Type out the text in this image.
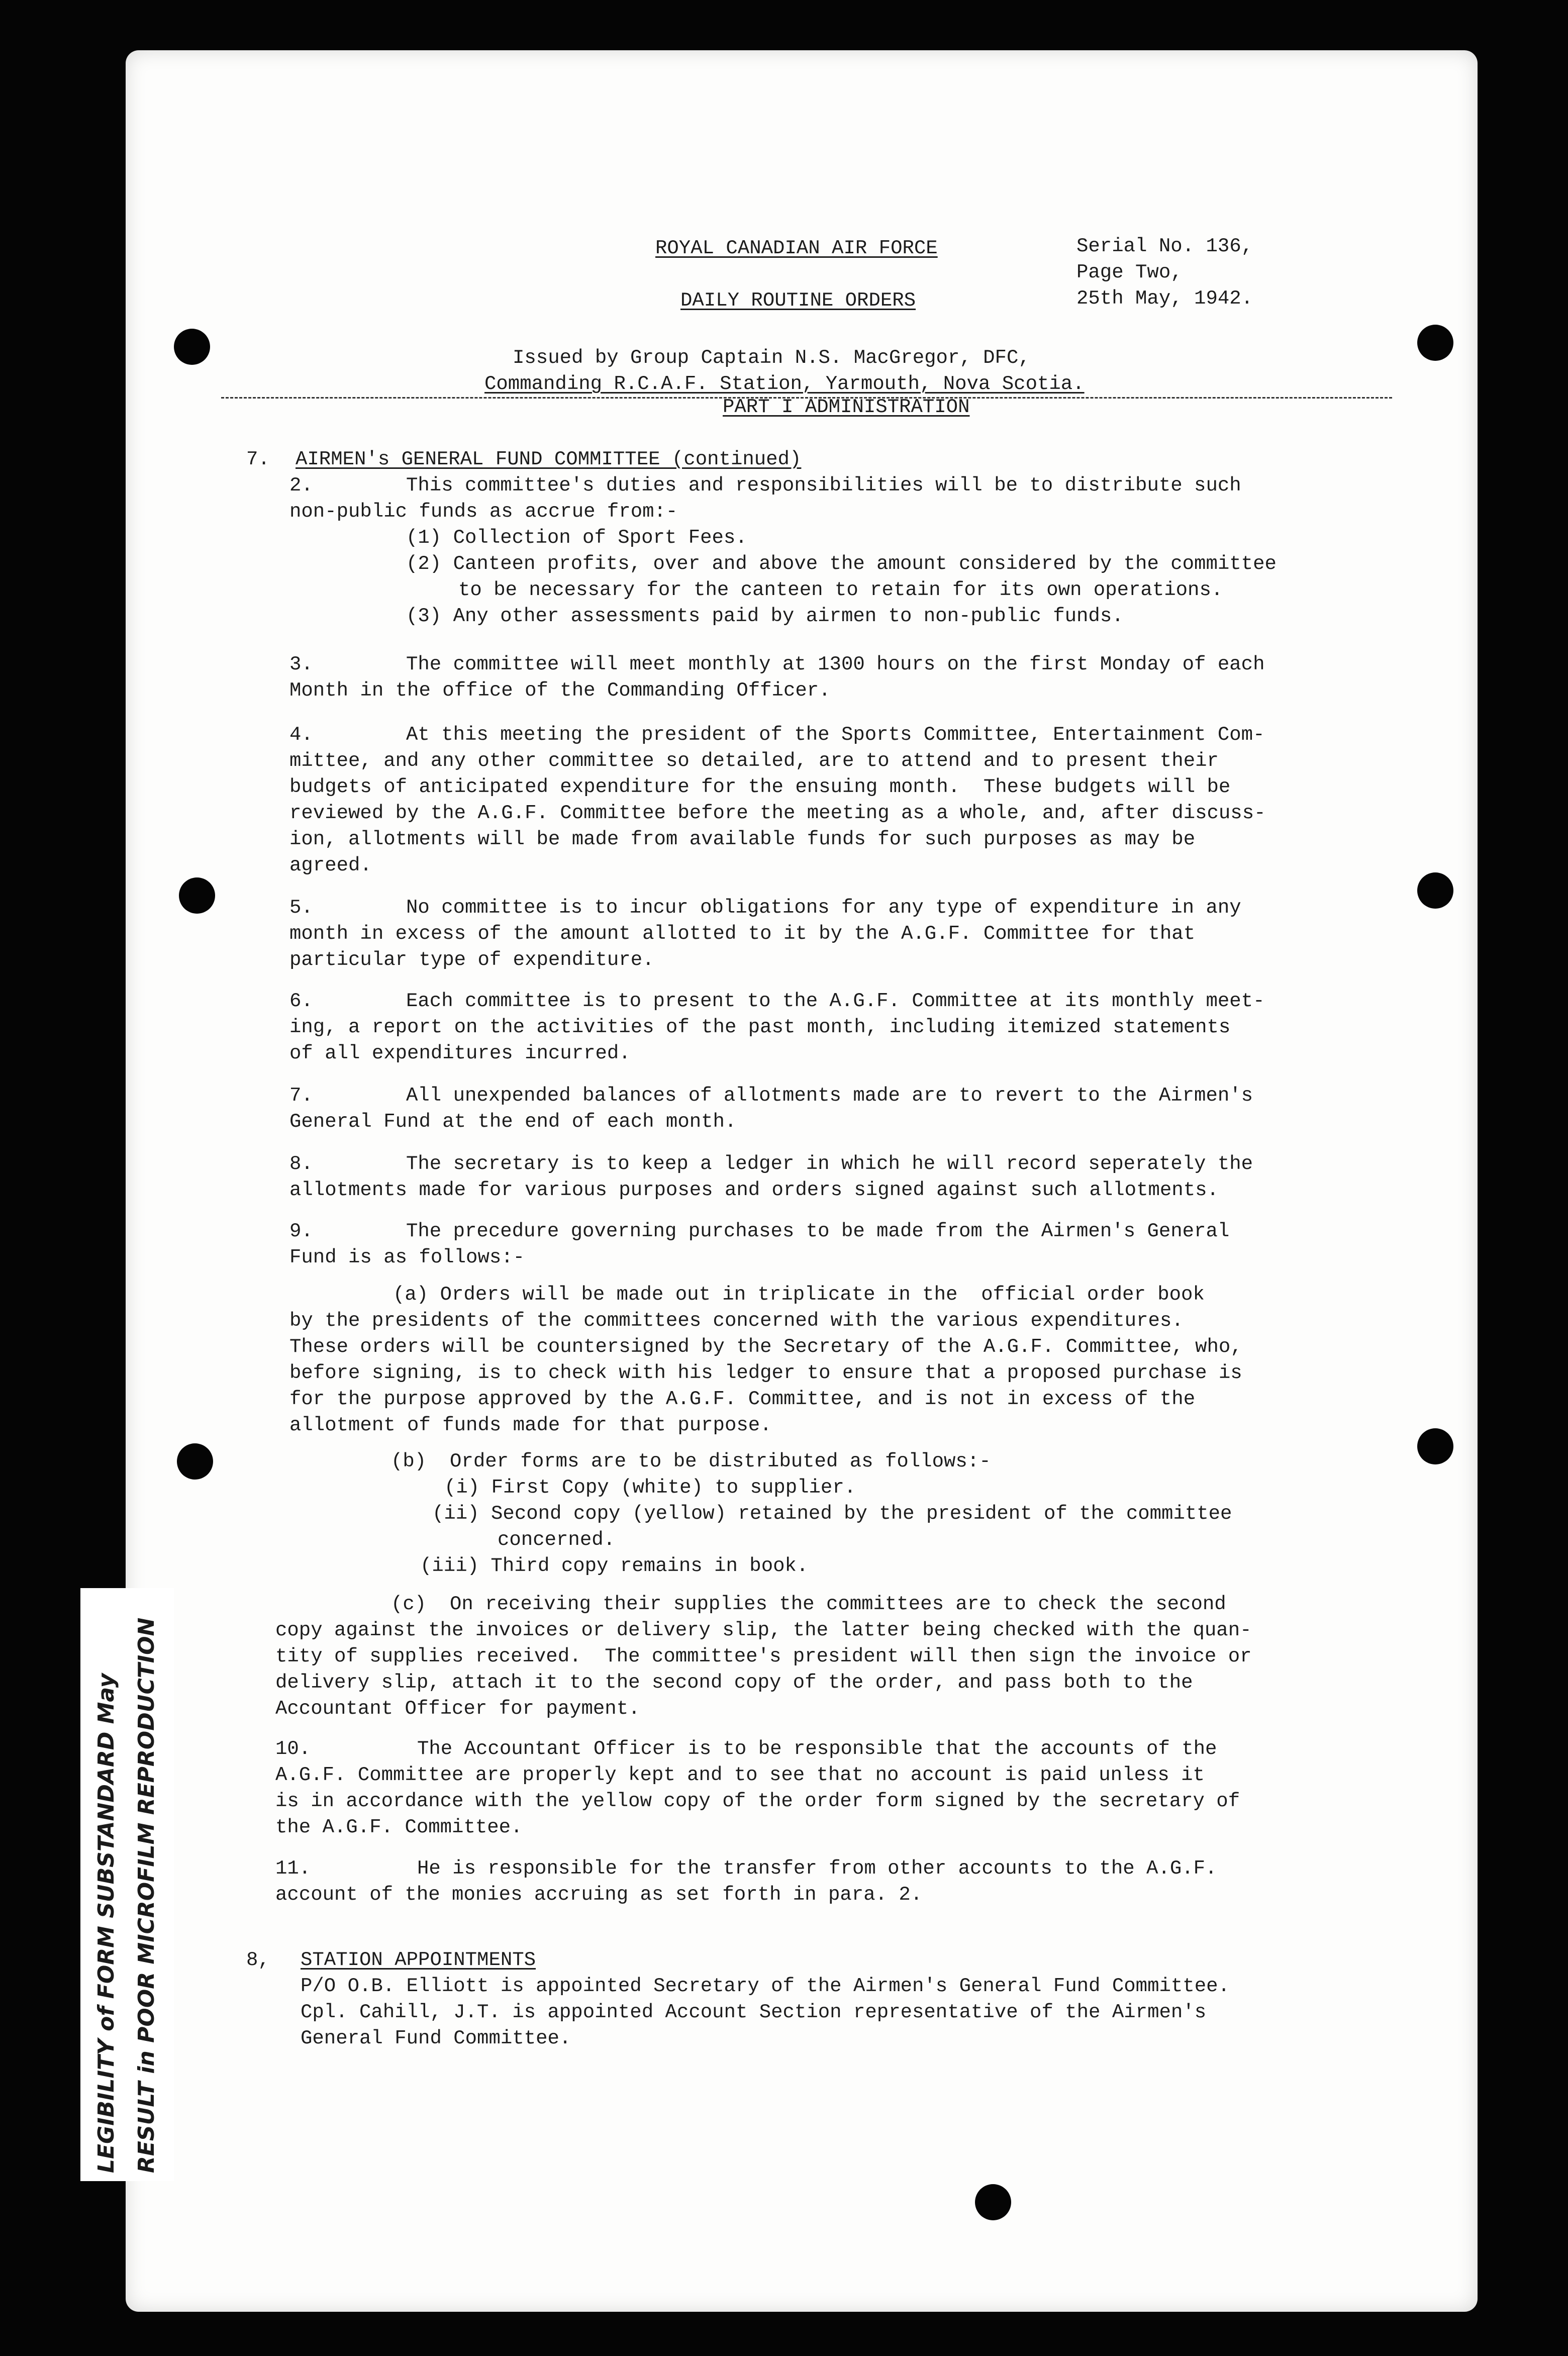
ROYAL CANADIAN AIR FORCE
DAILY ROUTINE ORDERS
Serial No. 136,
Page Two,
25th May, 1942.
Issued by Group Captain N.S. MacGregor, DFC,
Commanding R.C.A.F. Station, Yarmouth, Nova Scotia.
PART I ADMINISTRATION
7. AIRMEN's GENERAL FUND COMMITTEE (continued)
2.	This committee's duties and responsibilities will be to distribute such
non-public funds as accrue from:-
(1) Collection of Sport Fees.
(2) Canteen profits, over and above the amount considered by the committee
to be necessary for the canteen to retain for its own operations.
(3) Any other assessments paid by airmen to non-public funds.
3.	The committee will meet monthly at 1300 hours on the first Monday of each
Month in the office of the Commanding Officer.
4.	At this meeting the president of the Sports Committee, Entertainment Com-
mittee, and any other committee so detailed, are to attend and to present their
budgets of anticipated expenditure for the ensuing month.  These budgets will be
reviewed by the A.G.F. Committee before the meeting as a whole, and, after discuss-
ion, allotments will be made from available funds for such purposes as may be
agreed.
5.	No committee is to incur obligations for any type of expenditure in any
month in excess of the amount allotted to it by the A.G.F. Committee for that
particular type of expenditure.
6.	Each committee is to present to the A.G.F. Committee at its monthly meet-
ing, a report on the activities of the past month, including itemized statements
of all expenditures incurred.
7.	All unexpended balances of allotments made are to revert to the Airmen's
General Fund at the end of each month.
8.	The secretary is to keep a ledger in which he will record seperately the
allotments made for various purposes and orders signed against such allotments.
9.	The precedure governing purchases to be made from the Airmen's General
Fund is as follows:-
(a) Orders will be made out in triplicate in the  official order book
by the presidents of the committees concerned with the various expenditures.
These orders will be countersigned by the Secretary of the A.G.F. Committee, who,
before signing, is to check with his ledger to ensure that a proposed purchase is
for the purpose approved by the A.G.F. Committee, and is not in excess of the
allotment of funds made for that purpose.
(b)  Order forms are to be distributed as follows:-
(i) First Copy (white) to supplier.
(ii) Second copy (yellow) retained by the president of the committee
concerned.
(iii) Third copy remains in book.
(c)  On receiving their supplies the committees are to check the second
copy against the invoices or delivery slip, the latter being checked with the quan-
tity of supplies received.  The committee's president will then sign the invoice or
delivery slip, attach it to the second copy of the order, and pass both to the
Accountant Officer for payment.
10.	The Accountant Officer is to be responsible that the accounts of the
A.G.F. Committee are properly kept and to see that no account is paid unless it
is in accordance with the yellow copy of the order form signed by the secretary of
the A.G.F. Committee.
11.	He is responsible for the transfer from other accounts to the A.G.F.
account of the monies accruing as set forth in para. 2.
8, STATION APPOINTMENTS
P/O O.B. Elliott is appointed Secretary of the Airmen's General Fund Committee.
Cpl. Cahill, J.T. is appointed Account Section representative of the Airmen's
General Fund Committee.
LEGIBILITY of FORM SUBSTANDARD May RESULT in POOR MICROFILM REPRODUCTION
